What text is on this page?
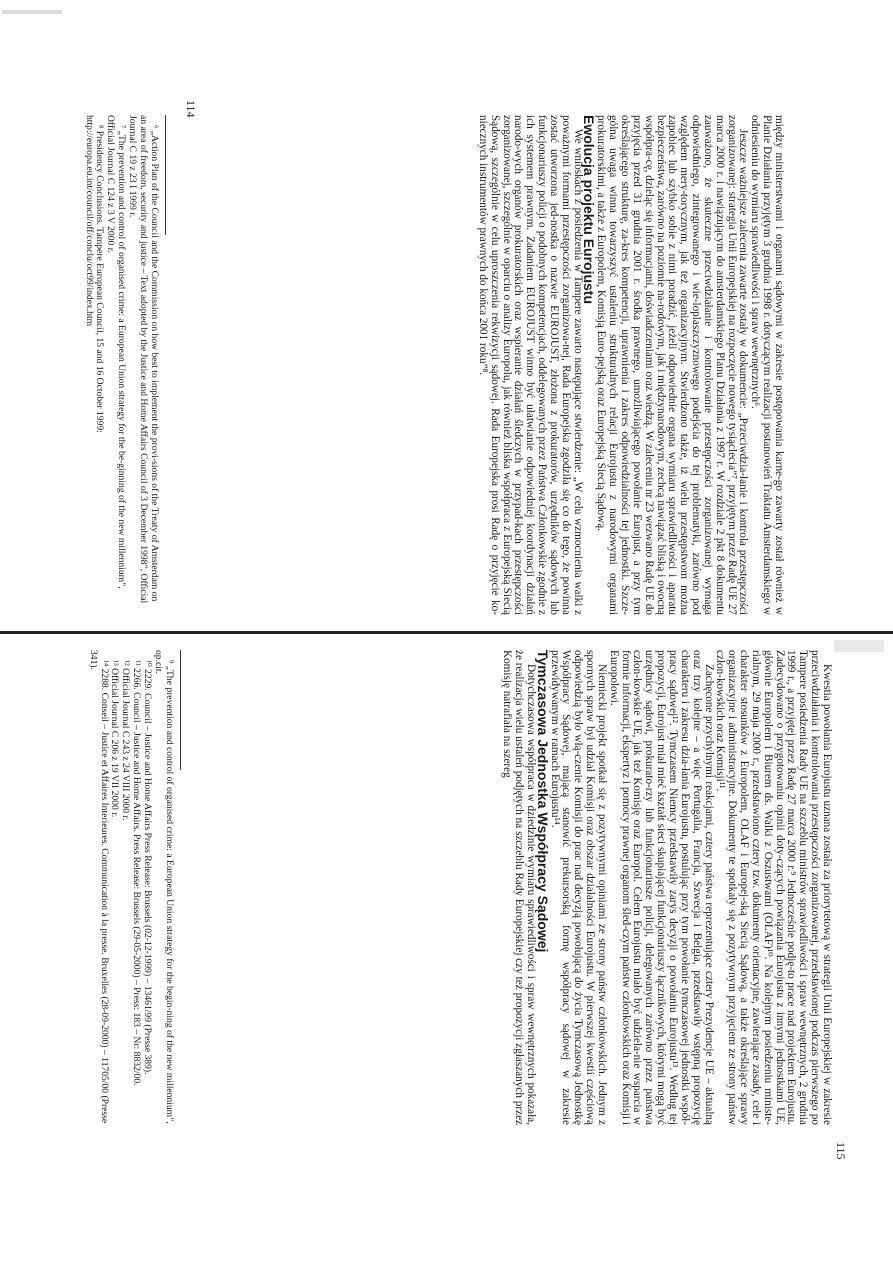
114
115

między ministerstwami i organami sądowymi w zakresie postępowania karne-go zawarty został również w Planie Działania przyjętym 3 grudnia 1998 r. dotyczącym realizacji postanowień Traktatu Amsterdamskiego w odniesieniu do wymiaru sprawiedliwości i spraw wewnętrznych⁶.

Jeszcze ważniejsze zalecenia zawarte zostały w dokumencie: „Przeciwdzia-łanie i kontrola przestępczości zorganizowanej: strategia Unii Europejskiej na rozpoczęcie nowego tysiąclecia”⁷, przyjętym przez Radę UE 27 marca 2000 r. i nawiązującym do amsterdamskiego Planu Działania z 1997 r. W rozdziale 2 pkt 8 dokumentu zauważono, że skuteczne przeciwdziałanie i kontrolowanie przestępczości zorganizowanej wymaga odpowiedniego, zintegrowanego i wie-loplaszczyznowego podejścia do tej problematyki, zarówno pod względem mery-torycznym, jak też organizacyjnym. Stwierdzono także, iż wielu przestępstwom można zapobiec lub szybko sobie z nimi poradzić, jeżeli odpowiednie organa wymiaru sprawiedliwości i aparatu bezpieczeństwa, zarówno na poziomie na-rodowym, jak i międzynarodowym, zechcą nawiązać bliską i owocną współpra-cę, dzieląc się informacjami, doświadczeniami oraz wiedzą. W zaleceniu nr 23 wezwano Radę UE do przyjęcia przed 31 grudnia 2001 r. środka prawnego, umożliwiającego powołanie Eurojust, a przy tym określającego strukturę, za-kres kompetencji, uprawnienia i zakres odpowiedzialności tej jednostki. Szcze-gólna uwaga winna towarzyszyć ustaleniu strukturalnych relacji Eurojustu z narodowymi organami prokuratorskimi, a także z Europolem, Komisją Euro-pejską oraz Europejską Siecią Sądową.

Ewolucja projektu Eurojustu

We wnioskach z posiedzenia w Tampere zawarto następujące stwierdzenie: „W celu wzmocnienia walki z poważnymi formami przestępczości zorganizowa-nej, Rada Europejska zgodziła się co do tego, że powinna zostać utworzona jed-nostka o nazwie EUROJUST, złożona z prokuratorów, urzędników sądowych lub funkcjonariuszy policji o podobnych kompetencjach, oddelegowanych przez Państwa Członkowskie zgodnie z ich systemem prawnym. Zadaniem EUROJUST winno być ułatwianie odpowiedniej koordynacji działań narodo-wych organów prokuratorskich oraz wspieranie działań śledczych w przypad-kach przestępczości zorganizowanej, szczególnie w oparciu o analizy Europolu, jak również bliska współpraca z Europejską Siecią Sądową, szczególnie w celu uproszczenia rekwizycji sądowej. Rada Europejska prosi Radę o przyjęcie ko-niecznych instrumentów prawnych do końca 2001 roku”⁸.

⁶ „Action Plan of the Council and the Commission on how best to implement the provi-sions of the Treaty of Amsterdam on an area of freedom, security and justice – Text adopted by the Justice and Home Affairs Council of 3 December 1998”, Official Journal C 19 z 23 I 1999 r.

⁷ „The prevention and control of organised crime: a European Union strategy for the be-ginning of the new millennium”, Official Journal C 124 z 3 V 2000 r.

⁸ Presidency Conclusions. Tampere European Council, 15 and 16 October 1999: http://europa.eu.int/council/off/conclu/oct99/index.htm

Kwestia powołania Eurojustu uznana została za priorytetową w strategii Unii Europejskiej w zakresie przeciwdziałania i kontrolowania przestępczości zorganizowanej, przedstawionej podczas pierwszego po Tampere posiedzenia Rady UE na szczeblu ministrów sprawiedliwości i spraw wewnętrznych, 2 grudnia 1999 r., a przyjętej przez Radę 27 marca 2000 r.⁹ Jednocześnie podję-to prace nad projektem Eurojustu. Zadecydowano o przygotowaniu opinii doty-czących powiązania Eurojustu z innymi jednostkami UE, głównie Europolem i Biurem ds. Walki z Oszustwami (OLAF)¹⁰. Na kolejnym posiedzeniu ministe-rialnym, 29 maja 2000 r., przedstawiono cztery tzw. dokumenty orientacyjne, zawierające zasady, cele i charakter stosunków z Europolem, OLAF i Europej-ską Siecią Sądową, a także określające sprawy organizacyjne i administracyjne. Dokumenty te spotkały się z pozytywnym przyjęciem ze strony państw człon-kowskich oraz Komisji¹¹.

Zachęcone przychylnymi reakcjami, cztery państwa reprezentujące cztery Prezydencje UE – aktualną oraz trzy kolejne – a więc Portugalia, Francja, Szwecja i Belgia, przedstawiły wstępną propozycję charakteru i zakresu dzia-łania Eurojustu, postulując przy tym powołanie tymczasowej jednostki współ-pracy sądowej¹². Tymczasem Niemcy przedstawiły zarys decyzji o powołaniu Eurojustu¹³. Według tej propozycji, Eurojust miał mieć kształt sieci skupiającej funkcjonariuszy łącznikowych, którymi mogą być urzędnicy sądowi, prokurato-rzy lub funkcjonariusze policji, delegowanych zarówno przez państwa człon-kowskie UE, jak też Komisję oraz Europol. Celem Eurojustu miało być udziela-nie wsparcia w formie informacji, ekspertyz i pomocy prawnej organom śled-czym państw członkowskich oraz Komisji i Europolowi.

Niemiecki projekt spotkał się z pozytywnymi opiniami ze strony państw członkowskich. Jednym z spornych spraw był udział Komisji oraz obszar działalności Eurojustu. W pierwszej kwestii częściową odpowiedzią było włą-czenie Komisji do prac nad decyzją powołującą do życia Tymczasową Jednostkę Współpracy Sądowej, mającą stanowić prekursorską formę współpracy sądowej w zakresie przewidywanym w ramach Eurojustu¹⁴.

Tymczasowa Jednostka Współpracy Sądowej

Dotychczasowa współpraca w dziedzinie wymiaru sprawiedliwości i spraw wewnętrznych pokazała, że realizacja wielu ustaleń podjętych na szczeblu Rady Europejskiej czy też propozycji zgłaszanych przez Komisję natrafiała na szereg

⁹ „The prevention and control of organised crime: a European Union strategy for the begin-ning of the new millennium”, op.cit.

¹⁰ 2229. Council – Justice and Home Affairs Press Release: Brussels (02-12-1999) – 13461/99 (Presse 389).

¹¹ 2266. Council – Justice and Home Affairs. Press Release: Brussels (29-05-2000) – Press: 183 – Nr: 8832/00.

¹² Official Journal C 243 z 24 VIII 2000 r.

¹³ Official Journal C 206 z 19 VII 2000 r.

¹⁴ 2288. Conseil – Justice et Affaires Interieures. Communication à la presse. Bruxelles (28-09-2000) – 11705/00 (Presse 341).
